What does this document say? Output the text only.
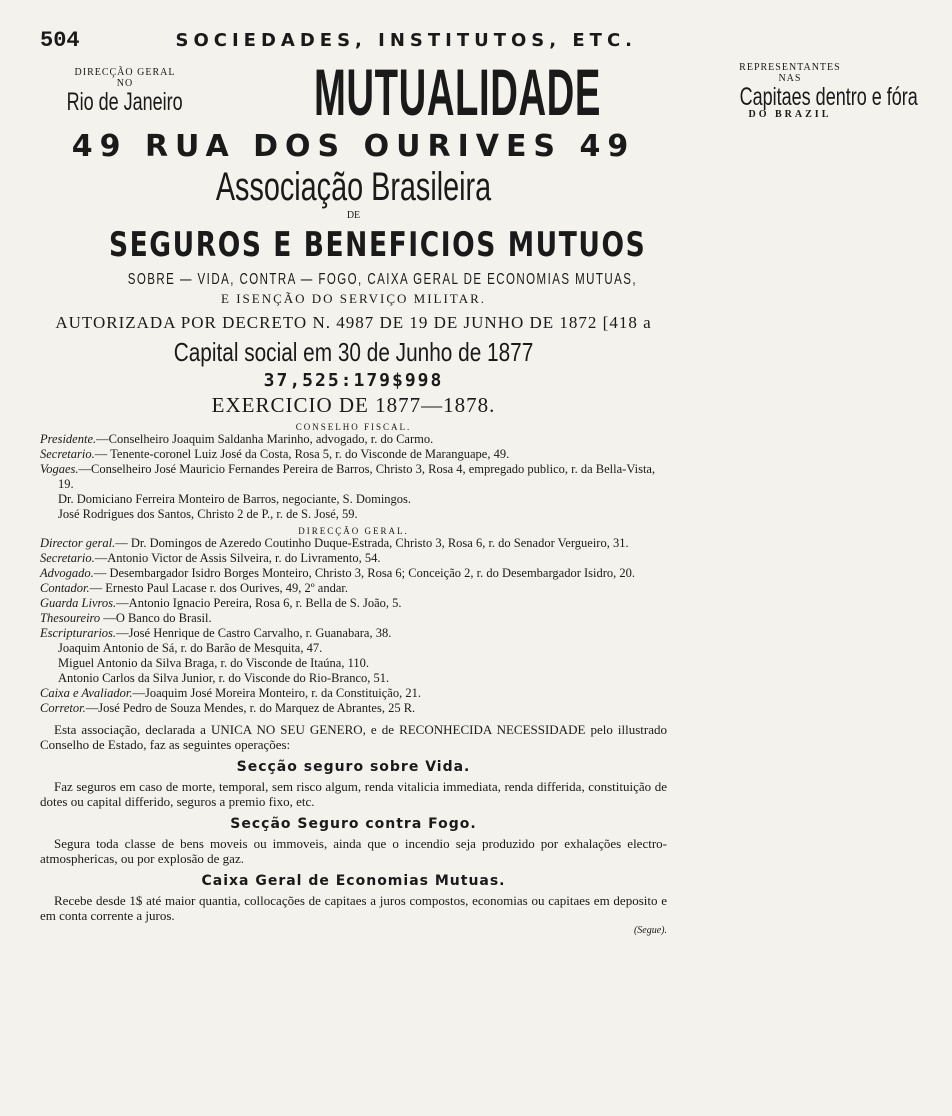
504	SOCIEDADES, INSTITUTOS, ETC.
DIRECÇÃO GERAL
NO
Rio de Janeiro	MUTUALIDADE	REPRESENTANTES
NAS
Capitaes dentro e fóra
DO BRAZIL
49 RUA DOS OURIVES 49
Associação Brasileira
DE
SEGUROS E BENEFICIOS MUTUOS
SOBRE — VIDA, CONTRA — FOGO, CAIXA GERAL DE ECONOMIAS MUTUAS,
E ISENÇÃO DO SERVIÇO MILITAR.
AUTORIZADA POR DECRETO N. 4987 DE 19 DE JUNHO DE 1872 [418 a
Capital social em 30 de Junho de 1877
37,525:179$998
EXERCICIO DE 1877—1878.
CONSELHO FISCAL.

Presidente.—Conselheiro Joaquim Saldanha Marinho, advogado, r. do Carmo.

Secretario.— Tenente-coronel Luiz José da Costa, Rosa 5, r. do Visconde de Maranguape, 49.

Vogaes.—Conselheiro José Mauricio Fernandes Pereira de Barros, Christo 3, Rosa 4, empregado publico, r. da Bella-Vista, 19.

Dr. Domiciano Ferreira Monteiro de Barros, negociante, S. Domingos.

José Rodrigues dos Santos, Christo 2 de P., r. de S. José, 59.

DIRECÇÃO GERAL.

Director geral.— Dr. Domingos de Azeredo Coutinho Duque-Estrada, Christo 3, Rosa 6, r. do Senador Vergueiro, 31.

Secretario.—Antonio Victor de Assis Silveira, r. do Livramento, 54.

Advogado.— Desembargador Isidro Borges Monteiro, Christo 3, Rosa 6; Conceição 2, r. do Desembargador Isidro, 20.

Contador.— Ernesto Paul Lacase r. dos Ourives, 49, 2º andar.

Guarda Livros.—Antonio Ignacio Pereira, Rosa 6, r. Bella de S. João, 5.

Thesoureiro —O Banco do Brasil.

Escripturarios.—José Henrique de Castro Carvalho, r. Guanabara, 38.

Joaquim Antonio de Sá, r. do Barão de Mesquita, 47.

Miguel Antonio da Silva Braga, r. do Visconde de Itaúna, 110.

Antonio Carlos da Silva Junior, r. do Visconde do Rio-Branco, 51.

Caixa e Avaliador.—Joaquim José Moreira Monteiro, r. da Constituição, 21.

Corretor.—José Pedro de Souza Mendes, r. do Marquez de Abrantes, 25 R.

Esta associação, declarada a UNICA NO SEU GENERO, e de RECONHECIDA NECESSIDADE pelo illustrado Conselho de Estado, faz as seguintes operações:

Secção seguro sobre Vida.

Faz seguros em caso de morte, temporal, sem risco algum, renda vitalicia immediata, renda differida, constituição de dotes ou capital differido, seguros a premio fixo, etc.

Secção Seguro contra Fogo.

Segura toda classe de bens moveis ou immoveis, ainda que o incendio seja produzido por exhalações electro-atmosphericas, ou por explosão de gaz.

Caixa Geral de Economias Mutuas.

Recebe desde 1$ até maior quantia, collocações de capitaes a juros compostos, economias ou capitaes em deposito e em conta corrente a juros.

(Segue).
